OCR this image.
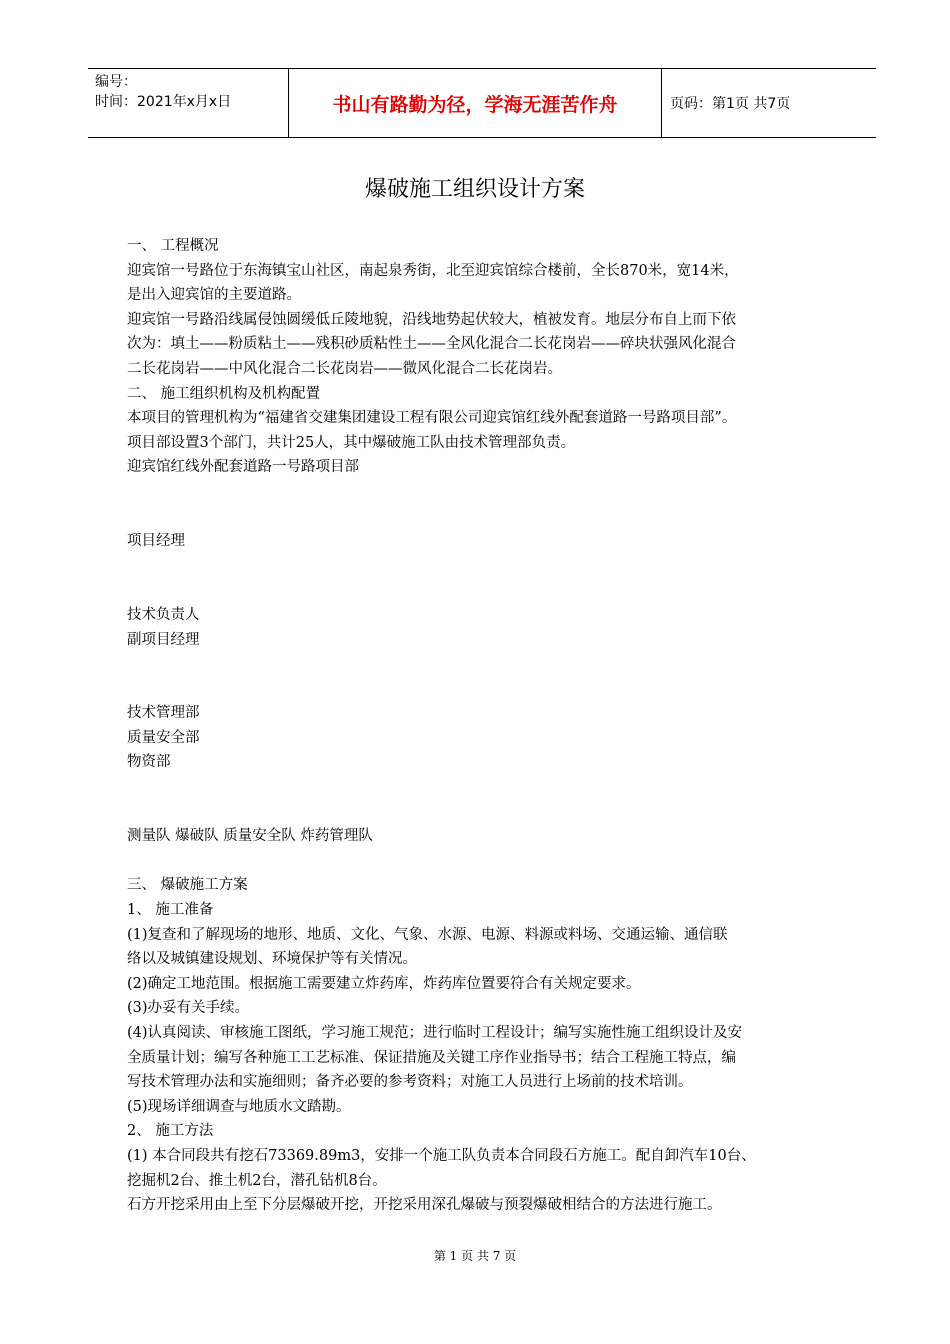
编号：
时间：2021年x月x日	书山有路勤为径，学海无涯苦作舟	页码：第1页 共7页
爆破施工组织设计方案

一、 工程概况

迎宾馆一号路位于东海镇宝山社区，南起泉秀街，北至迎宾馆综合楼前，全长870米，宽14米，

是出入迎宾馆的主要道路。

迎宾馆一号路沿线属侵蚀圆缓低丘陵地貌，沿线地势起伏较大，植被发育。地层分布自上而下依

次为：填土——粉质粘土——残积砂质粘性土——全风化混合二长花岗岩——碎块状强风化混合

二长花岗岩——中风化混合二长花岗岩——微风化混合二长花岗岩。

二、 施工组织机构及机构配置

本项目的管理机构为“福建省交建集团建设工程有限公司迎宾馆红线外配套道路一号路项目部”。

项目部设置3个部门，共计25人，其中爆破施工队由技术管理部负责。

迎宾馆红线外配套道路一号路项目部

项目经理

技术负责人

副项目经理

技术管理部

质量安全部

物资部

测量队 爆破队 质量安全队 炸药管理队

三、 爆破施工方案

1、 施工准备

(1)复查和了解现场的地形、地质、文化、气象、水源、电源、料源或料场、交通运输、通信联

络以及城镇建设规划、环境保护等有关情况。

(2)确定工地范围。根据施工需要建立炸药库，炸药库位置要符合有关规定要求。

(3)办妥有关手续。

(4)认真阅读、审核施工图纸，学习施工规范；进行临时工程设计；编写实施性施工组织设计及安

全质量计划；编写各种施工工艺标准、保证措施及关键工序作业指导书；结合工程施工特点，编

写技术管理办法和实施细则；备齐必要的参考资料；对施工人员进行上场前的技术培训。

(5)现场详细调查与地质水文踏勘。

2、 施工方法

(1) 本合同段共有挖石73369.89m3，安排一个施工队负责本合同段石方施工。配自卸汽车10台、

挖掘机2台、推土机2台，潜孔钻机8台。

石方开挖采用由上至下分层爆破开挖，开挖采用深孔爆破与预裂爆破相结合的方法进行施工。

第 1 页 共 7 页
